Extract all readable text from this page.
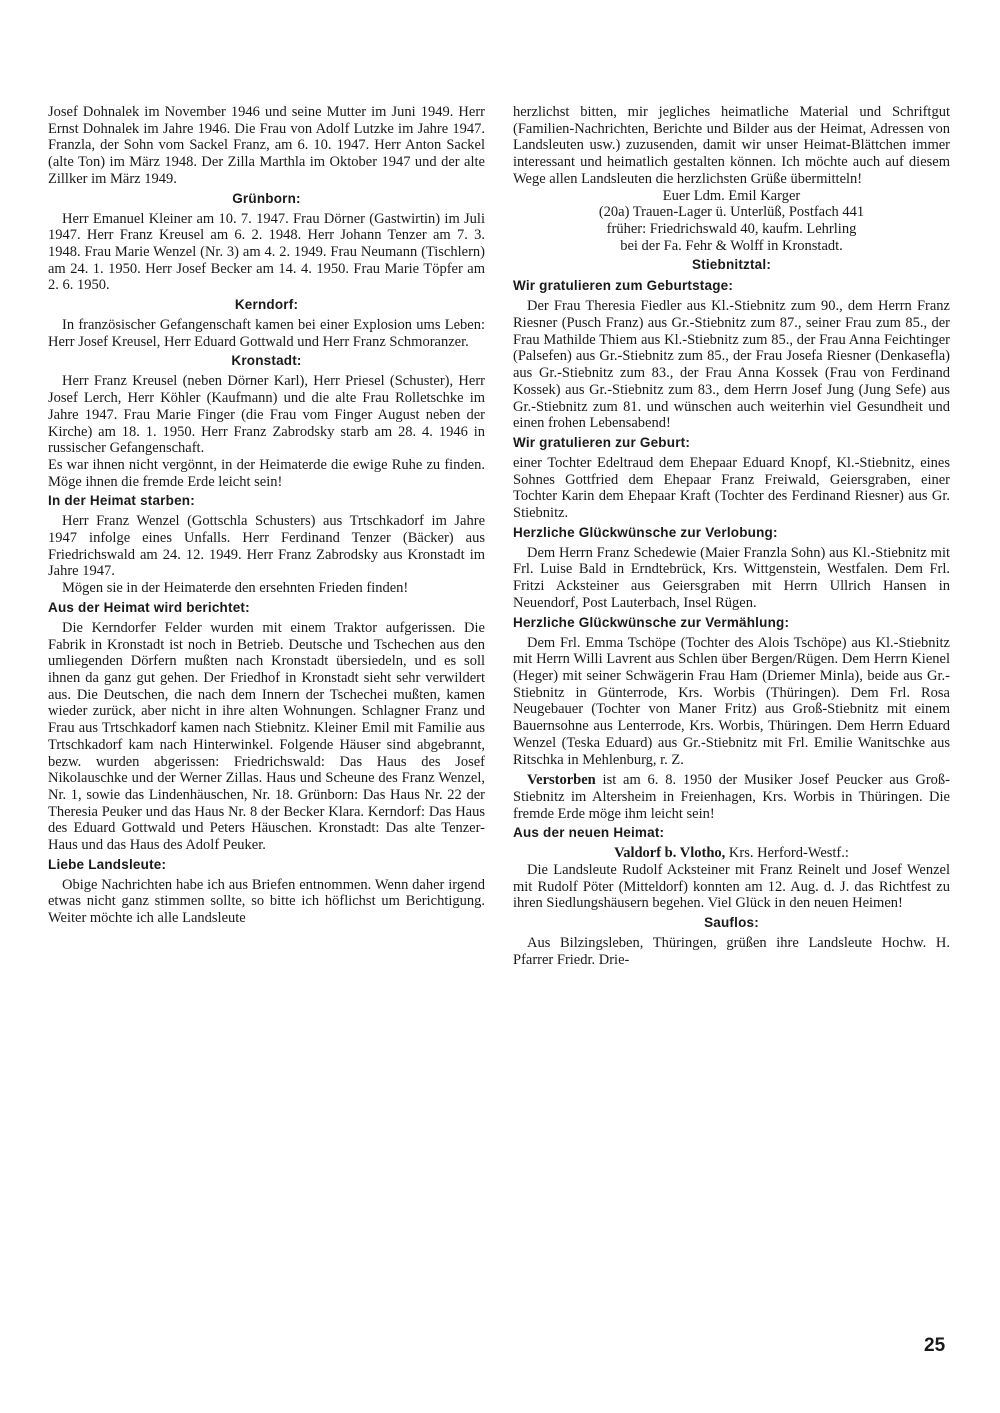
Josef Dohnalek im November 1946 und seine Mutter im Juni 1949. Herr Ernst Dohnalek im Jahre 1946. Die Frau von Adolf Lutzke im Jahre 1947. Franzla, der Sohn vom Sackel Franz, am 6. 10. 1947. Herr Anton Sackel (alte Ton) im März 1948. Der Zilla Marthla im Oktober 1947 und der alte Zillker im März 1949.

Grünborn:

Herr Emanuel Kleiner am 10. 7. 1947. Frau Dörner (Gastwirtin) im Juli 1947. Herr Franz Kreusel am 6. 2. 1948. Herr Johann Tenzer am 7. 3. 1948. Frau Marie Wenzel (Nr. 3) am 4. 2. 1949. Frau Neumann (Tischlern) am 24. 1. 1950. Herr Josef Becker am 14. 4. 1950. Frau Marie Töpfer am 2. 6. 1950.

Kerndorf:

In französischer Gefangenschaft kamen bei einer Explosion ums Leben: Herr Josef Kreusel, Herr Eduard Gottwald und Herr Franz Schmoranzer.

Kronstadt:

Herr Franz Kreusel (neben Dörner Karl), Herr Priesel (Schuster), Herr Josef Lerch, Herr Köhler (Kaufmann) und die alte Frau Rolletschke im Jahre 1947. Frau Marie Finger (die Frau vom Finger August neben der Kirche) am 18. 1. 1950. Herr Franz Zabrodsky starb am 28. 4. 1946 in russischer Gefangenschaft.

Es war ihnen nicht vergönnt, in der Heimaterde die ewige Ruhe zu finden. Möge ihnen die fremde Erde leicht sein!

In der Heimat starben:

Herr Franz Wenzel (Gottschla Schusters) aus Trtschkadorf im Jahre 1947 infolge eines Unfalls. Herr Ferdinand Tenzer (Bäcker) aus Friedrichswald am 24. 12. 1949. Herr Franz Zabrodsky aus Kronstadt im Jahre 1947.

Mögen sie in der Heimaterde den ersehnten Frieden finden!

Aus der Heimat wird berichtet:

Die Kerndorfer Felder wurden mit einem Traktor aufgerissen. Die Fabrik in Kronstadt ist noch in Betrieb. Deutsche und Tschechen aus den umliegenden Dörfern mußten nach Kronstadt übersiedeln, und es soll ihnen da ganz gut gehen. Der Friedhof in Kronstadt sieht sehr verwildert aus. Die Deutschen, die nach dem Innern der Tschechei mußten, kamen wieder zurück, aber nicht in ihre alten Wohnungen. Schlagner Franz und Frau aus Trtschkadorf kamen nach Stiebnitz. Kleiner Emil mit Familie aus Trtschkadorf kam nach Hinterwinkel. Folgende Häuser sind abgebrannt, bezw. wurden abgerissen: Friedrichswald: Das Haus des Josef Nikolauschke und der Werner Zillas. Haus und Scheune des Franz Wenzel, Nr. 1, sowie das Lindenhäuschen, Nr. 18. Grünborn: Das Haus Nr. 22 der Theresia Peuker und das Haus Nr. 8 der Becker Klara. Kerndorf: Das Haus des Eduard Gottwald und Peters Häuschen. Kronstadt: Das alte Tenzer-Haus und das Haus des Adolf Peuker.

Liebe Landsleute:

Obige Nachrichten habe ich aus Briefen entnommen. Wenn daher irgend etwas nicht ganz stimmen sollte, so bitte ich höflichst um Berichtigung. Weiter möchte ich alle Landsleute

herzlichst bitten, mir jegliches heimatliche Material und Schriftgut (Familien-Nachrichten, Berichte und Bilder aus der Heimat, Adressen von Landsleuten usw.) zuzusenden, damit wir unser Heimat-Blättchen immer interessant und heimatlich gestalten können. Ich möchte auch auf diesem Wege allen Landsleuten die herzlichsten Grüße übermitteln!

Euer Ldm. Emil Karger

(20a) Trauen-Lager ü. Unterlüß, Postfach 441

früher: Friedrichswald 40, kaufm. Lehrling

bei der Fa. Fehr & Wolff in Kronstadt.

Stiebnitztal:
Wir gratulieren zum Geburtstage:

Der Frau Theresia Fiedler aus Kl.-Stiebnitz zum 90., dem Herrn Franz Riesner (Pusch Franz) aus Gr.-Stiebnitz zum 87., seiner Frau zum 85., der Frau Mathilde Thiem aus Kl.-Stiebnitz zum 85., der Frau Anna Feichtinger (Palsefen) aus Gr.-Stiebnitz zum 85., der Frau Josefa Riesner (Denkasefla) aus Gr.-Stiebnitz zum 83., der Frau Anna Kossek (Frau von Ferdinand Kossek) aus Gr.-Stiebnitz zum 83., dem Herrn Josef Jung (Jung Sefe) aus Gr.-Stiebnitz zum 81. und wünschen auch weiterhin viel Gesundheit und einen frohen Lebensabend!

Wir gratulieren zur Geburt:

einer Tochter Edeltraud dem Ehepaar Eduard Knopf, Kl.-Stiebnitz, eines Sohnes Gottfried dem Ehepaar Franz Freiwald, Geiersgraben, einer Tochter Karin dem Ehepaar Kraft (Tochter des Ferdinand Riesner) aus Gr. Stiebnitz.

Herzliche Glückwünsche zur Verlobung:

Dem Herrn Franz Schedewie (Maier Franzla Sohn) aus Kl.-Stiebnitz mit Frl. Luise Bald in Erndtebrück, Krs. Wittgenstein, Westfalen. Dem Frl. Fritzi Acksteiner aus Geiersgraben mit Herrn Ullrich Hansen in Neuendorf, Post Lauterbach, Insel Rügen.

Herzliche Glückwünsche zur Vermählung:

Dem Frl. Emma Tschöpe (Tochter des Alois Tschöpe) aus Kl.-Stiebnitz mit Herrn Willi Lavrent aus Schlen über Bergen/Rügen. Dem Herrn Kienel (Heger) mit seiner Schwägerin Frau Ham (Driemer Minla), beide aus Gr.-Stiebnitz in Günterrode, Krs. Worbis (Thüringen). Dem Frl. Rosa Neugebauer (Tochter von Maner Fritz) aus Groß-Stiebnitz mit einem Bauernsohne aus Lenterrode, Krs. Worbis, Thüringen. Dem Herrn Eduard Wenzel (Teska Eduard) aus Gr.-Stiebnitz mit Frl. Emilie Wanitschke aus Ritschka in Mehlenburg, r. Z.

Verstorben ist am 6. 8. 1950 der Musiker Josef Peucker aus Groß-Stiebnitz im Altersheim in Freienhagen, Krs. Worbis in Thüringen. Die fremde Erde möge ihm leicht sein!

Aus der neuen Heimat:

Valdorf b. Vlotho, Krs. Herford-Westf.:

Die Landsleute Rudolf Acksteiner mit Franz Reinelt und Josef Wenzel mit Rudolf Pöter (Mitteldorf) konnten am 12. Aug. d. J. das Richtfest zu ihren Siedlungshäusern begehen. Viel Glück in den neuen Heimen!

Sauflos:

Aus Bilzingsleben, Thüringen, grüßen ihre Landsleute Hochw. H. Pfarrer Friedr. Drie-

25
